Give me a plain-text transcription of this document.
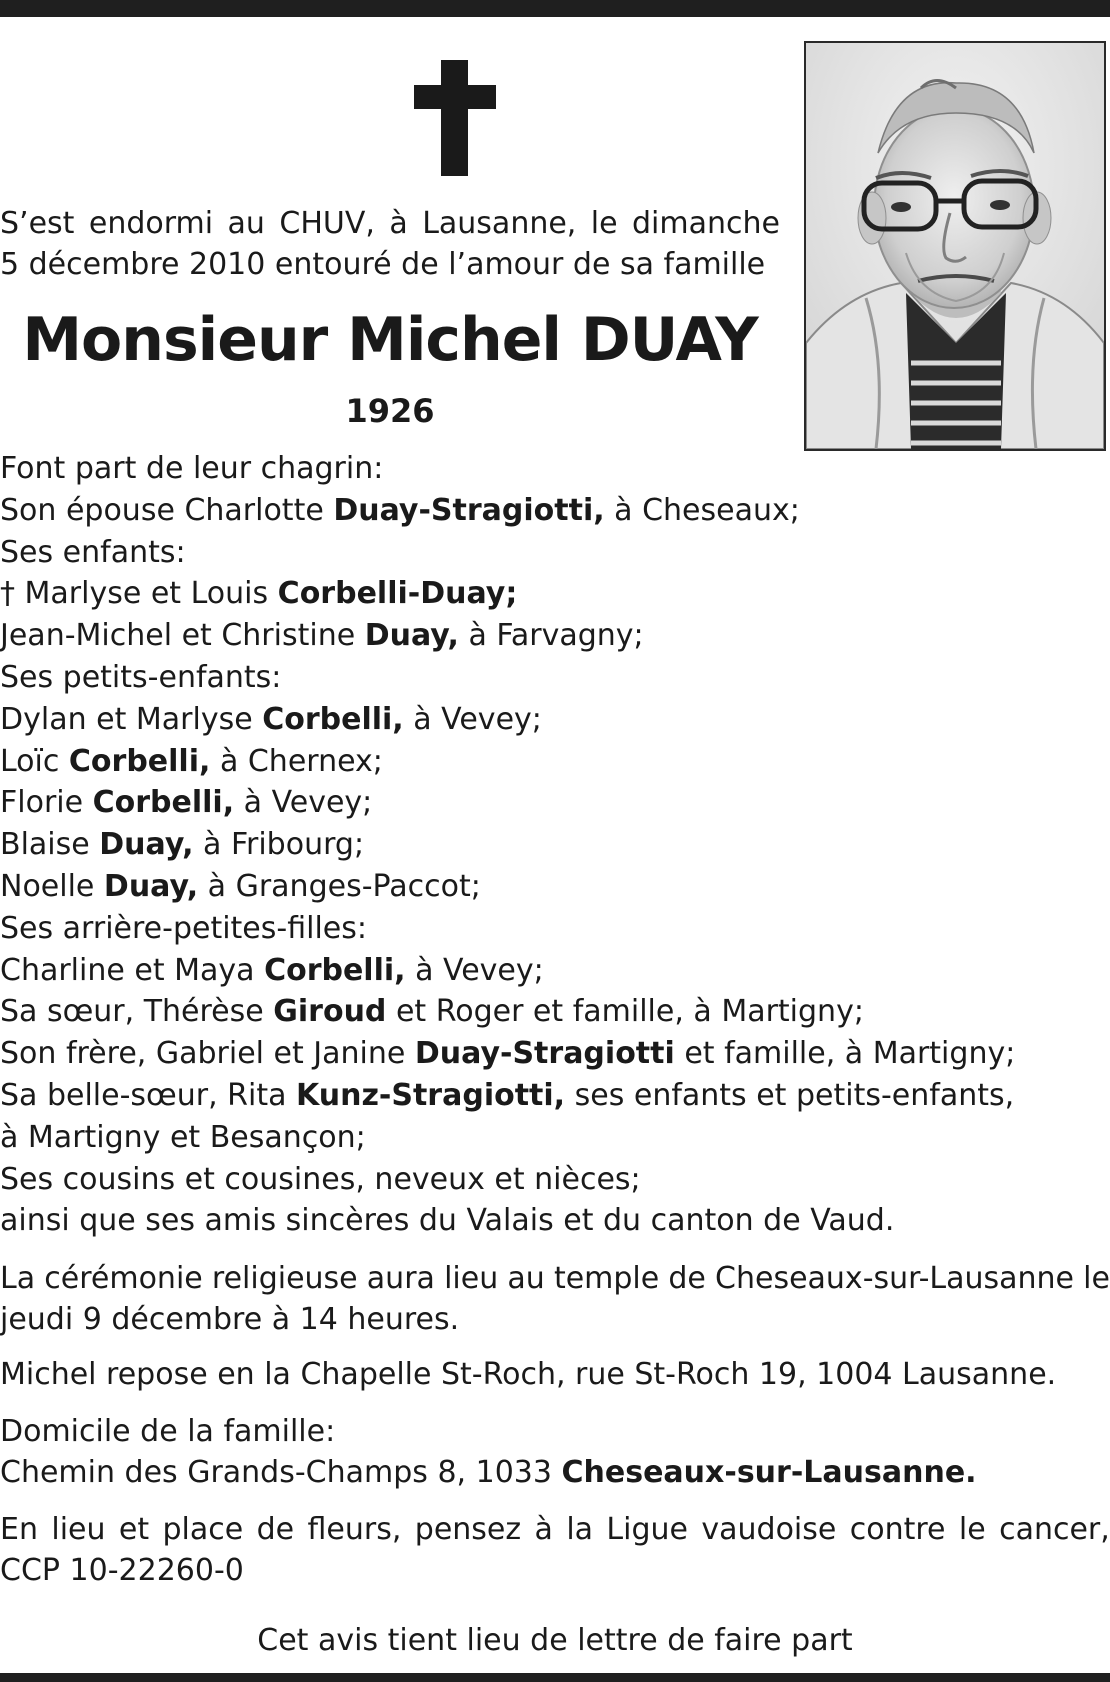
S’est endormi au CHUV, à Lausanne, le dimanche
5 décembre 2010 entouré de l’amour de sa famille
Monsieur Michel DUAY
1926
Font part de leur chagrin:
Son épouse Charlotte Duay-Stragiotti, à Cheseaux;
Ses enfants:
† Marlyse et Louis Corbelli-Duay;
Jean-Michel et Christine Duay, à Farvagny;
Ses petits-enfants:
Dylan et Marlyse Corbelli, à Vevey;
Loïc Corbelli, à Chernex;
Florie Corbelli, à Vevey;
Blaise Duay, à Fribourg;
Noelle Duay, à Granges-Paccot;
Ses arrière-petites-filles:
Charline et Maya Corbelli, à Vevey;
Sa sœur, Thérèse Giroud et Roger et famille, à Martigny;
Son frère, Gabriel et Janine Duay-Stragiotti et famille, à Martigny;
Sa belle-sœur, Rita Kunz-Stragiotti, ses enfants et petits-enfants,
à Martigny et Besançon;
Ses cousins et cousines, neveux et nièces;
ainsi que ses amis sincères du Valais et du canton de Vaud.
La cérémonie religieuse aura lieu au temple de Cheseaux-sur-Lausanne le
jeudi 9 décembre à 14 heures.
Michel repose en la Chapelle St-Roch, rue St-Roch 19, 1004 Lausanne.
Domicile de la famille:
Chemin des Grands-Champs 8, 1033 Cheseaux-sur-Lausanne.
En lieu et place de fleurs, pensez à la Ligue vaudoise contre le cancer,
CCP 10-22260-0
Cet avis tient lieu de lettre de faire part
